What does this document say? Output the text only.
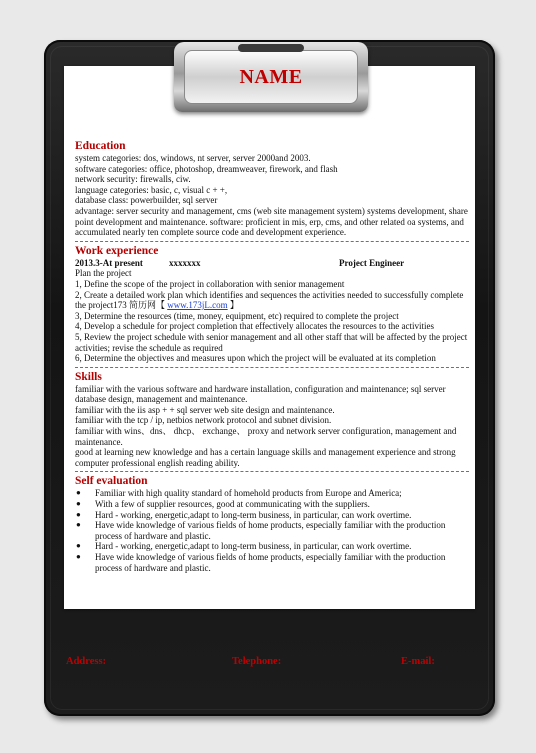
NAME
Education
system categories: dos, windows, nt server, server 2000and 2003.
software categories: office, photoshop, dreamweaver, firework, and flash
network security: firewalls, ciw.
language categories: basic, c, visual c + +,
database class: powerbuilder, sql server
advantage: server security and management, cms (web site management system) systems development, share point development and maintenance. software: proficient in mis, erp, cms, and other related oa systems, and accumulated nearly ten complete source code and development experience.
Work experience
2013.3-At present	xxxxxxx	Project Engineer
Plan the project
1, Define the scope of the project in collaboration with senior management
2, Create a detailed work plan which identifies and sequences the activities needed to successfully complete the project173 简历网【 www.173jL.com 】
3, Determine the resources (time, money, equipment, etc) required to complete the project
4, Develop a schedule for project completion that effectively allocates the resources to the activities
5, Review the project schedule with senior management and all other staff that will be affected by the project activities; revise the schedule as required
6, Determine the objectives and measures upon which the project will be evaluated at its completion
Skills
familiar with the various software and hardware installation, configuration and maintenance; sql server database design, management and maintenance.
familiar with the iis asp + + sql server web site design and maintenance.
familiar with the tcp / ip, netbios network protocol and subnet division.
familiar with wins、dns、 dhcp、 exchange、 proxy and network server configuration, management and maintenance.
good at learning new knowledge and has a certain language skills and management experience and strong computer professional english reading ability.
Self evaluation
● Familiar with high quality standard of homehold products from Europe and America;
● With a few of supplier resources, good at communicating with the suppliers.
● Hard - working, energetic,adapt to long-term business, in particular, can work overtime.
● Have wide knowledge of various fields of home products, especially familiar with the production process of hardware and plastic.
● Hard - working, energetic,adapt to long-term business, in particular, can work overtime.
● Have wide knowledge of various fields of home products, especially familiar with the production process of hardware and plastic.
Address:	Telephone:	E-mail:
